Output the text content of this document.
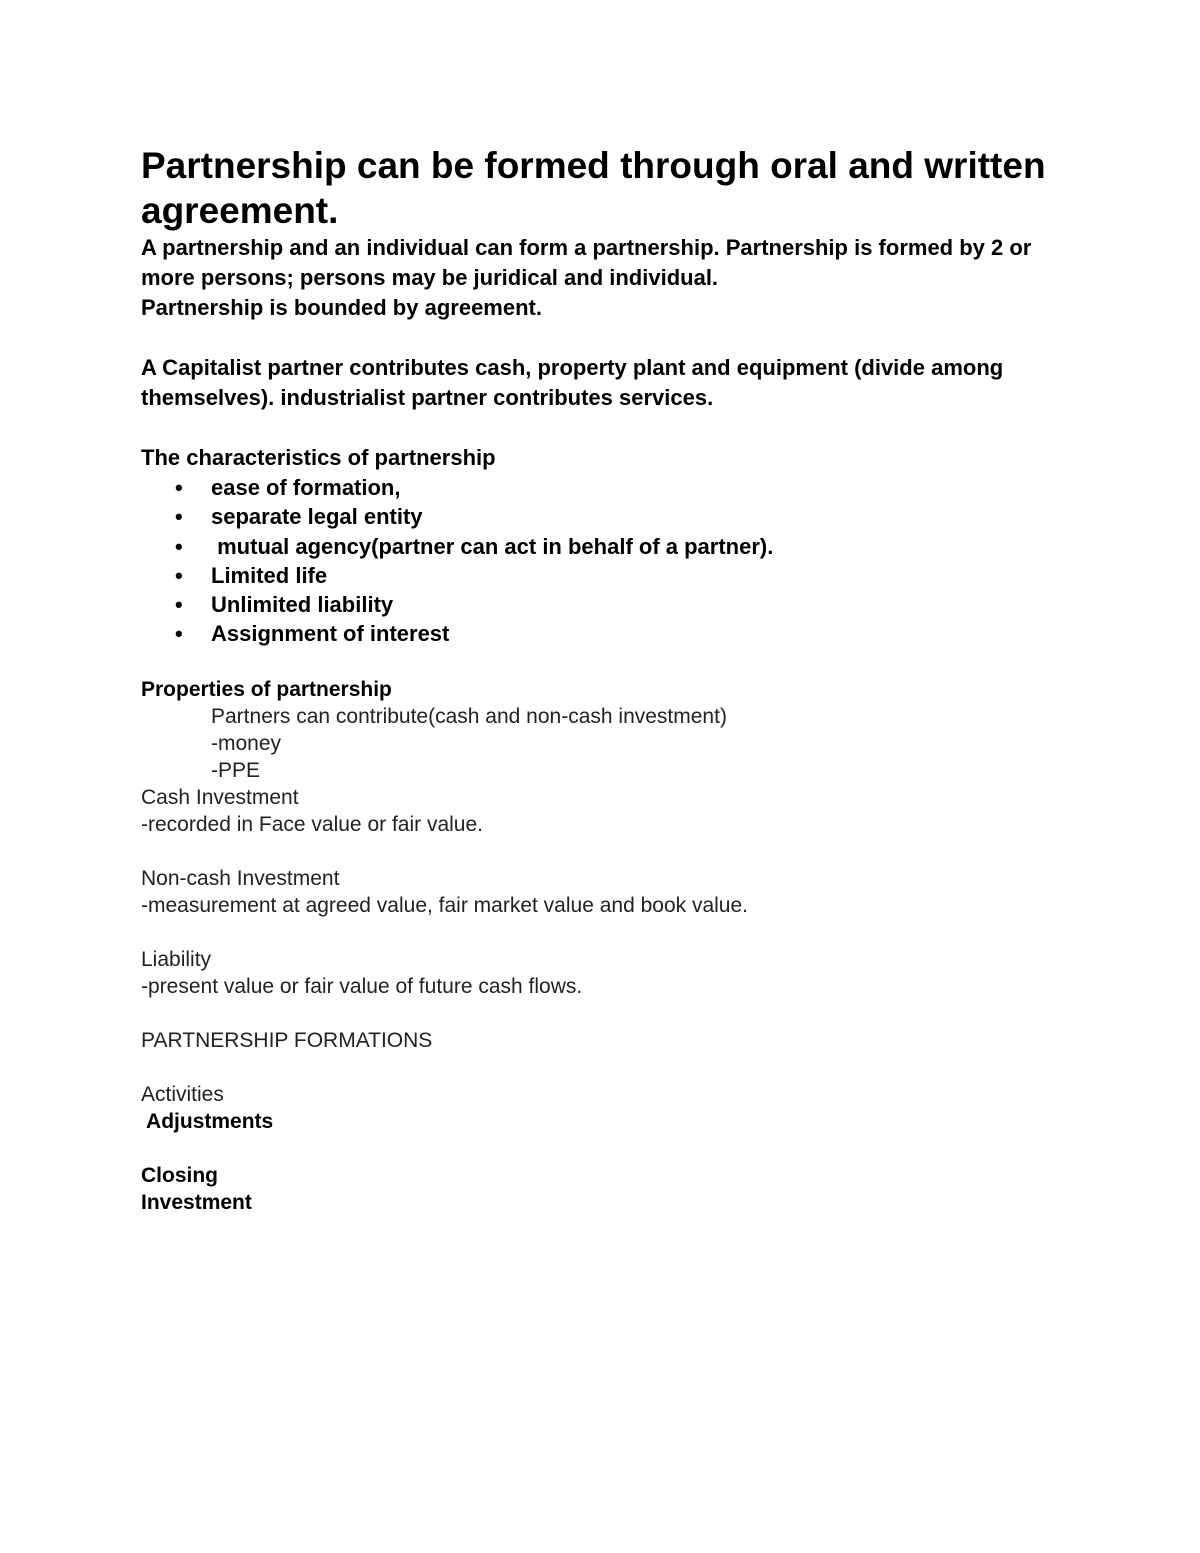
Partnership can be formed through oral and written agreement.

A partnership and an individual can form a partnership. Partnership is formed by 2 or more persons; persons may be juridical and individual.

Partnership is bounded by agreement.

A Capitalist partner contributes cash, property plant and equipment (divide among themselves). industrialist partner contributes services.

The characteristics of partnership
• ease of formation,
• separate legal entity
• mutual agency(partner can act in behalf of a partner).
• Limited life
• Unlimited liability
• Assignment of interest
Properties of partnership
Partners can contribute(cash and non-cash investment)
-money
-PPE
Cash Investment
-recorded in Face value or fair value.
Non-cash Investment
-measurement at agreed value, fair market value and book value.
Liability
-present value or fair value of future cash flows.
PARTNERSHIP FORMATIONS
Activities
Adjustments
Closing
Investment
